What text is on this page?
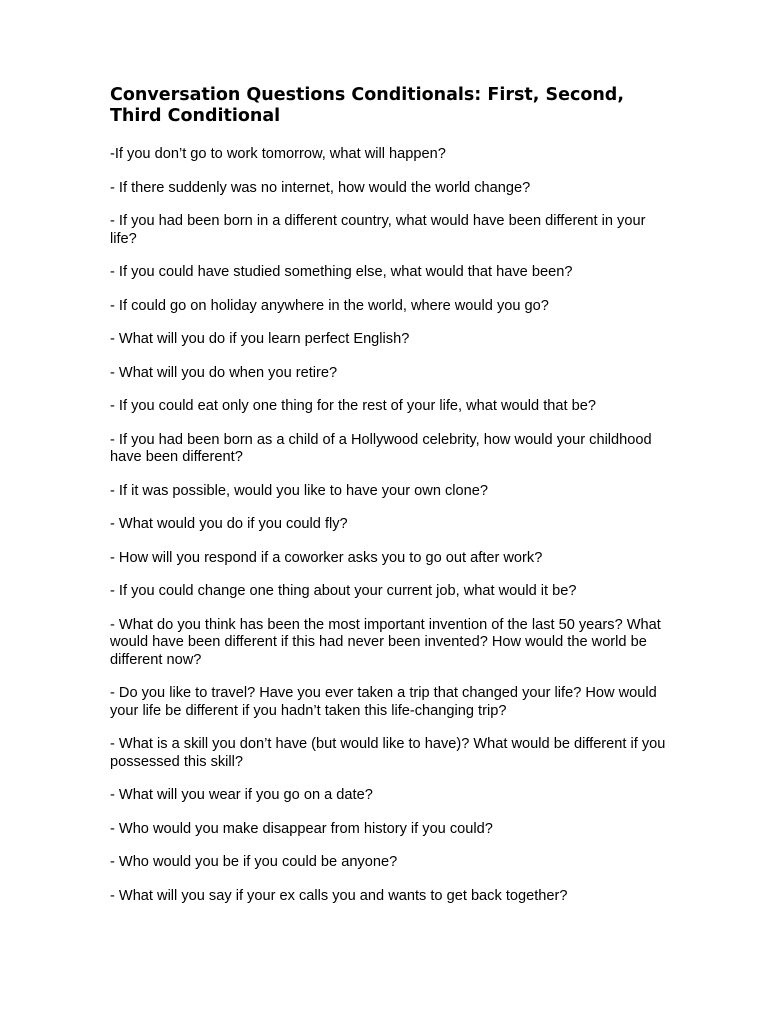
Conversation Questions Conditionals: First, Second, Third Conditional
-If you don’t go to work tomorrow, what will happen?
- If there suddenly was no internet, how would the world change?
- If you had been born in a different country, what would have been different in your life?
- If you could have studied something else, what would that have been?
- If could go on holiday anywhere in the world, where would you go?
- What will you do if you learn perfect English?
- What will you do when you retire?
- If you could eat only one thing for the rest of your life, what would that be?
- If you had been born as a child of a Hollywood celebrity, how would your childhood have been different?
- If it was possible, would you like to have your own clone?
- What would you do if you could fly?
- How will you respond if a coworker asks you to go out after work?
- If you could change one thing about your current job, what would it be?
- What do you think has been the most important invention of the last 50 years? What would have been different if this had never been invented? How would the world be different now?
- Do you like to travel? Have you ever taken a trip that changed your life? How would your life be different if you hadn’t taken this life-changing trip?
- What is a skill you don’t have (but would like to have)? What would be different if you possessed this skill?
- What will you wear if you go on a date?
- Who would you make disappear from history if you could?
- Who would you be if you could be anyone?
- What will you say if your ex calls you and wants to get back together?
